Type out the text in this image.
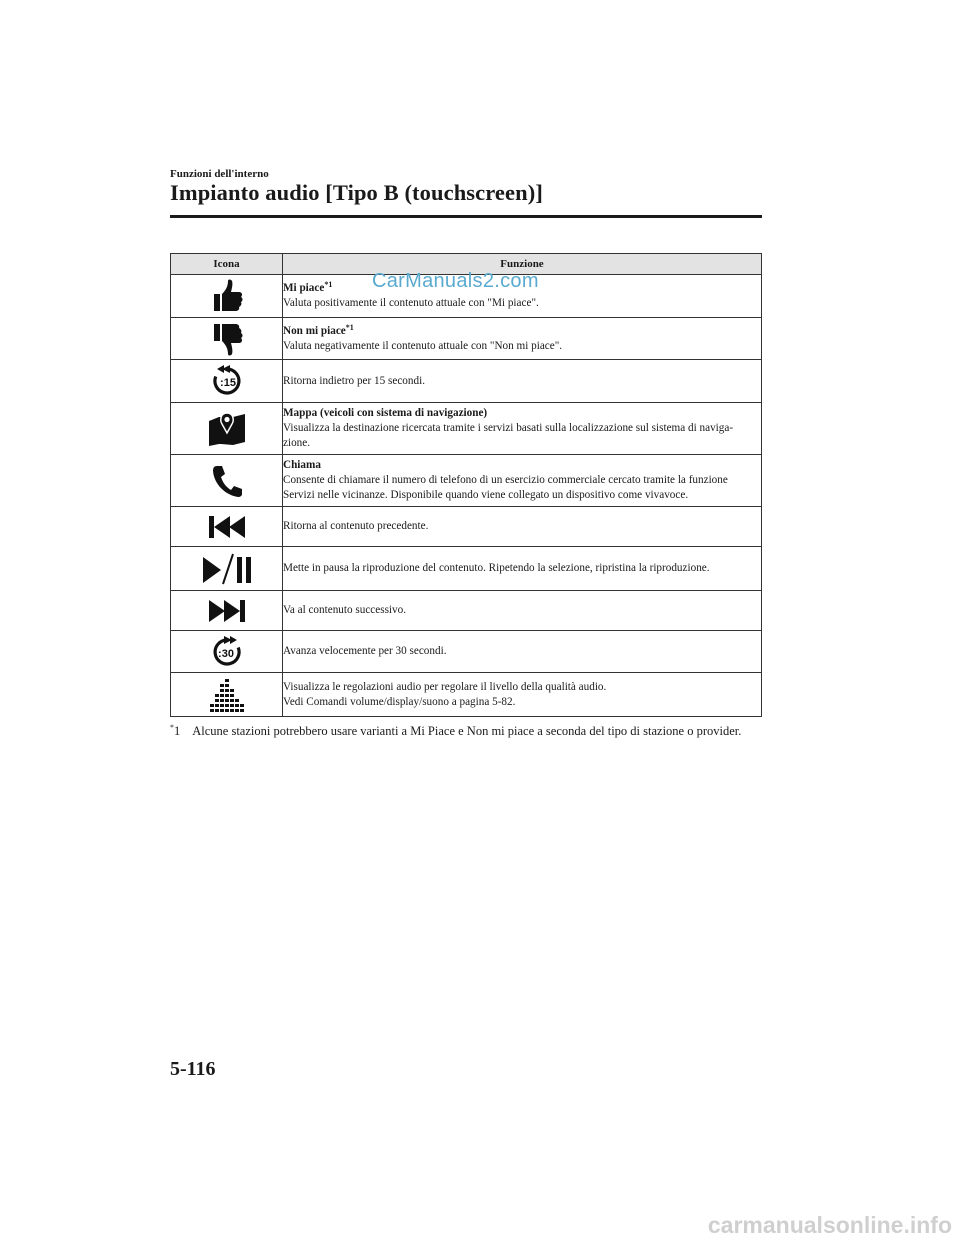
Funzioni dell'interno
Impianto audio [Tipo B (touchscreen)]
Icona	Funzione

Mi piace$^{*1}$
Valuta positivamente il contenuto attuale con "Mi piace".

Non mi piace$^{*1}$
Valuta negativamente il contenuto attuale con "Non mi piace".

:15	Ritorna indietro per 15 secondi.

Mappa (veicoli con sistema di navigazione)
Visualizza la destinazione ricercata tramite i servizi basati sulla localizzazione sul sistema di naviga-
zione.

Chiama
Consente di chiamare il numero di telefono di un esercizio commerciale cercato tramite la funzione
Servizi nelle vicinanze. Disponibile quando viene collegato un dispositivo come vivavoce.

Ritorna al contenuto precedente.

Mette in pausa la riproduzione del contenuto. Ripetendo la selezione, ripristina la riproduzione.

Va al contenuto successivo.

:30	Avanza velocemente per 30 secondi.

Visualizza le regolazioni audio per regolare il livello della qualità audio.
Vedi Comandi volume/display/suono a pagina 5-82.
CarManuals2.com
*1 Alcune stazioni potrebbero usare varianti a Mi Piace e Non mi piace a seconda del tipo di stazione o provider.
5-116
carmanualsonline.info
